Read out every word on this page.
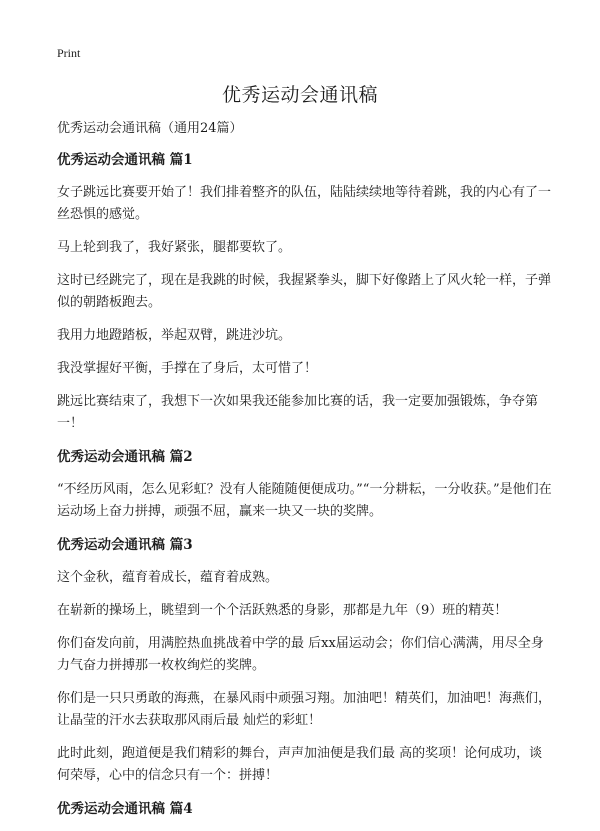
Print
优秀运动会通讯稿

优秀运动会通讯稿（通用24篇）

优秀运动会通讯稿 篇1

女子跳远比赛要开始了！我们排着整齐的队伍，陆陆续续地等待着跳，我的内心有了一丝恐惧的感觉。

马上轮到我了，我好紧张，腿都要软了。

这时已经跳完了，现在是我跳的时候，我握紧拳头，脚下好像踏上了风火轮一样，子弹似的朝踏板跑去。

我用力地蹬踏板，举起双臂，跳进沙坑。

我没掌握好平衡，手撑在了身后，太可惜了！

跳远比赛结束了，我想下一次如果我还能参加比赛的话，我一定要加强锻炼，争夺第一！

优秀运动会通讯稿 篇2

“不经历风雨，怎么见彩虹？没有人能随随便便成功。”“一分耕耘，一分收获。”是他们在运动场上奋力拼搏，顽强不屈，赢来一块又一块的奖牌。

优秀运动会通讯稿 篇3

这个金秋，蕴育着成长，蕴育着成熟。

在崭新的操场上，眺望到一个个活跃熟悉的身影，那都是九年（9）班的精英！

你们奋发向前，用满腔热血挑战着中学的最 后xx届运动会；你们信心满满，用尽全身力气奋力拼搏那一枚枚绚烂的奖牌。

你们是一只只勇敢的海燕，在暴风雨中顽强习翔。加油吧！精英们，加油吧！海燕们，让晶莹的汗水去获取那风雨后最 灿烂的彩虹！

此时此刻，跑道便是我们精彩的舞台，声声加油便是我们最 高的奖项！论何成功，谈何荣辱，心中的信念只有一个：拼搏！

优秀运动会通讯稿 篇4
